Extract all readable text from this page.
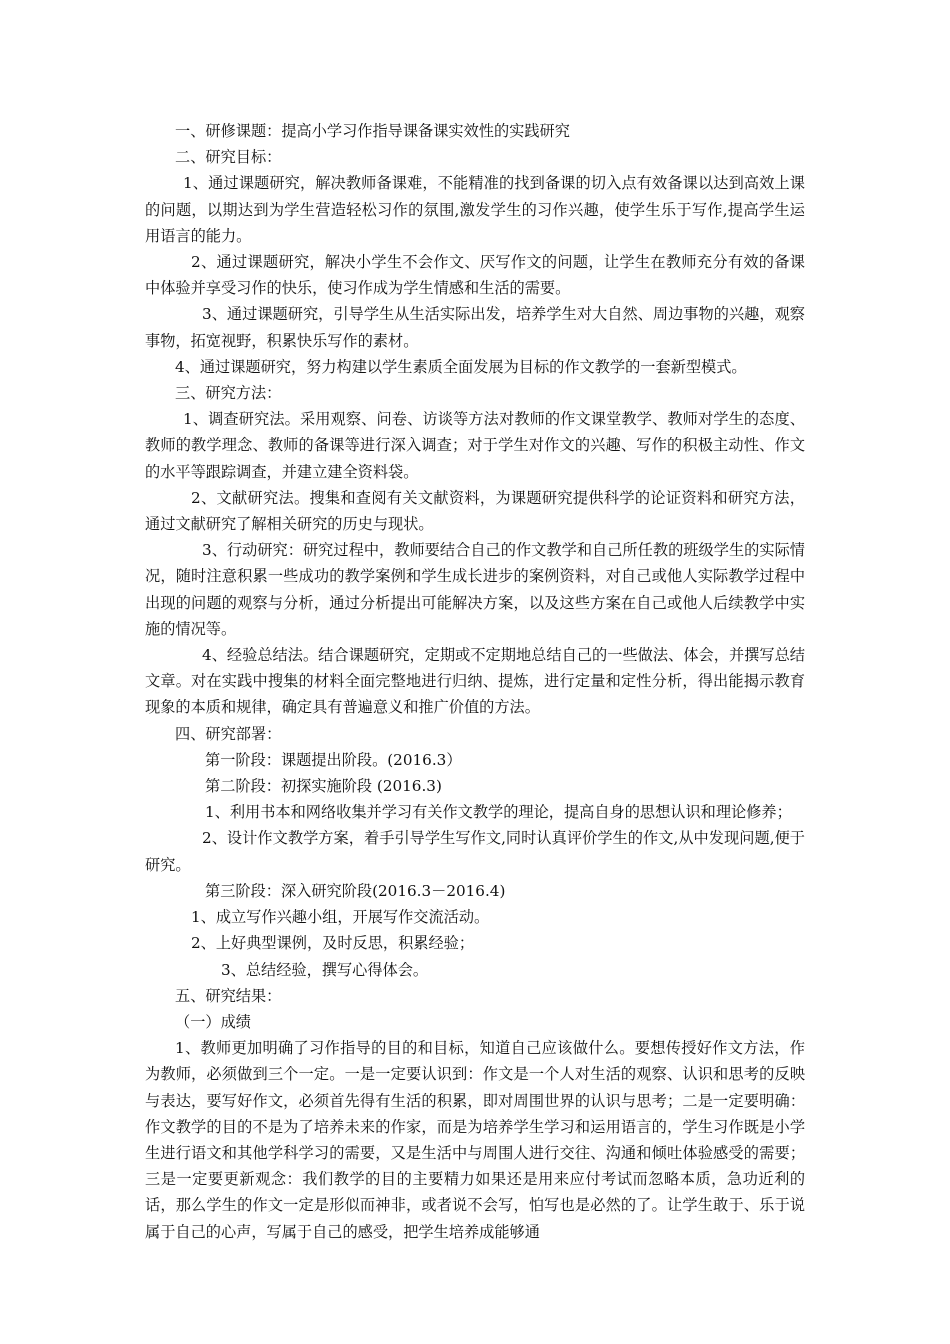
一、研修课题：提高小学习作指导课备课实效性的实践研究

二、研究目标：

1、通过课题研究，解决教师备课难，不能精准的找到备课的切入点有效备课以达到高效上课的问题，以期达到为学生营造轻松习作的氛围,激发学生的习作兴趣，使学生乐于写作,提高学生运用语言的能力。

2、通过课题研究，解决小学生不会作文、厌写作文的问题，让学生在教师充分有效的备课中体验并享受习作的快乐，使习作成为学生情感和生活的需要。

3、通过课题研究，引导学生从生活实际出发，培养学生对大自然、周边事物的兴趣，观察事物，拓宽视野，积累快乐写作的素材。

4、通过课题研究，努力构建以学生素质全面发展为目标的作文教学的一套新型模式。

三、研究方法：

1、调查研究法。采用观察、问卷、访谈等方法对教师的作文课堂教学、教师对学生的态度、教师的教学理念、教师的备课等进行深入调查；对于学生对作文的兴趣、写作的积极主动性、作文的水平等跟踪调查，并建立建全资料袋。

2、文献研究法。搜集和查阅有关文献资料，为课题研究提供科学的论证资料和研究方法，通过文献研究了解相关研究的历史与现状。

3、行动研究：研究过程中，教师要结合自己的作文教学和自己所任教的班级学生的实际情况，随时注意积累一些成功的教学案例和学生成长进步的案例资料，对自己或他人实际教学过程中出现的问题的观察与分析，通过分析提出可能解决方案，以及这些方案在自己或他人后续教学中实施的情况等。

4、经验总结法。结合课题研究，定期或不定期地总结自己的一些做法、体会，并撰写总结文章。对在实践中搜集的材料全面完整地进行归纳、提炼，进行定量和定性分析，得出能揭示教育现象的本质和规律，确定具有普遍意义和推广价值的方法。

四、研究部署：

第一阶段：课题提出阶段。(2016.3）

第二阶段：初探实施阶段 (2016.3)

1、利用书本和网络收集并学习有关作文教学的理论，提高自身的思想认识和理论修养；

2、设计作文教学方案，着手引导学生写作文,同时认真评价学生的作文,从中发现问题,便于研究。

第三阶段：深入研究阶段(2016.3－2016.4)

1、成立写作兴趣小组，开展写作交流活动。

2、上好典型课例，及时反思，积累经验；

3、总结经验，撰写心得体会。

五、研究结果：

（一）成绩

1、教师更加明确了习作指导的目的和目标，知道自己应该做什么。要想传授好作文方法，作为教师，必须做到三个一定。一是一定要认识到：作文是一个人对生活的观察、认识和思考的反映与表达，要写好作文，必须首先得有生活的积累，即对周围世界的认识与思考；二是一定要明确：作文教学的目的不是为了培养未来的作家，而是为培养学生学习和运用语言的，学生习作既是小学生进行语文和其他学科学习的需要，又是生活中与周围人进行交往、沟通和倾吐体验感受的需要；三是一定要更新观念：我们教学的目的主要精力如果还是用来应付考试而忽略本质，急功近利的话，那么学生的作文一定是形似而神非，或者说不会写，怕写也是必然的了。让学生敢于、乐于说属于自己的心声，写属于自己的感受，把学生培养成能够通
